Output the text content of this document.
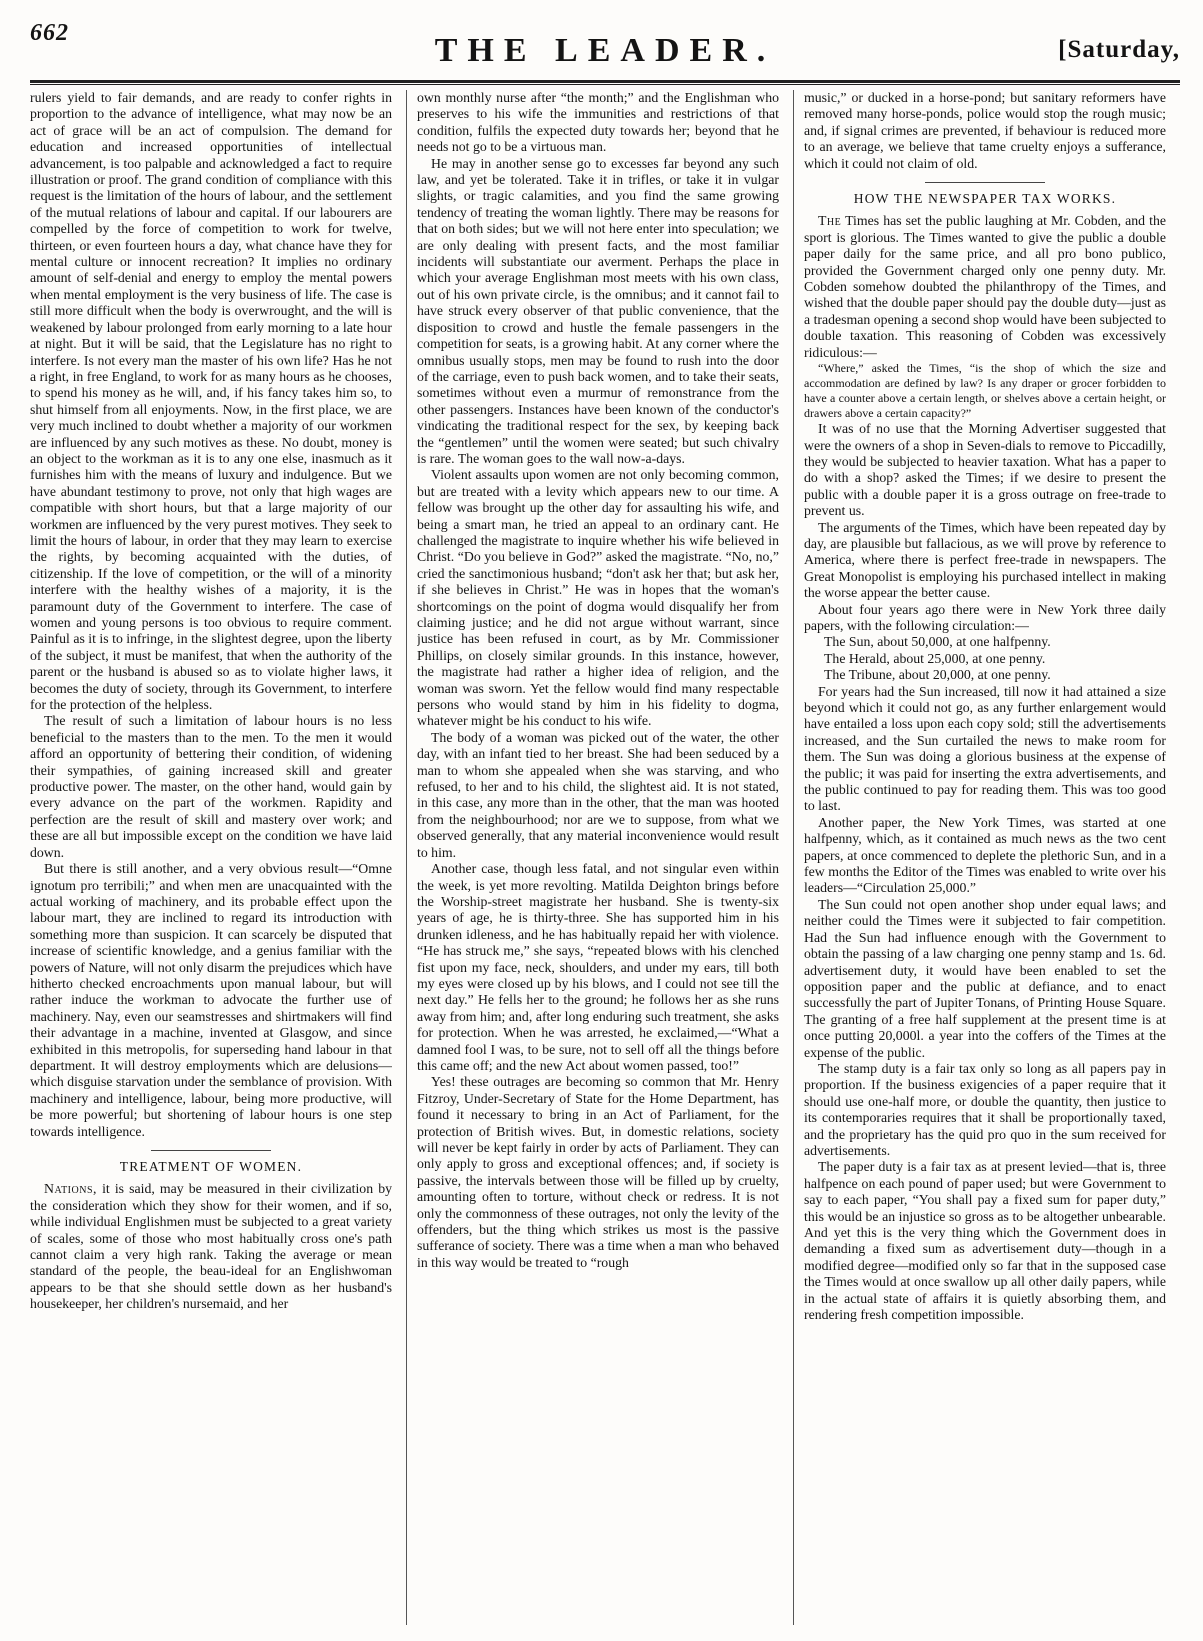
662	THE LEADER.	[Saturday,

rulers yield to fair demands, and are ready to confer rights in proportion to the advance of intelligence, what may now be an act of grace will be an act of compulsion. The demand for education and increased opportunities of intellectual advancement, is too palpable and acknowledged a fact to require illustration or proof. The grand condition of compliance with this request is the limitation of the hours of labour, and the settlement of the mutual relations of labour and capital. If our labourers are compelled by the force of competition to work for twelve, thirteen, or even fourteen hours a day, what chance have they for mental culture or innocent recreation? It implies no ordinary amount of self-denial and energy to employ the mental powers when mental employment is the very business of life. The case is still more difficult when the body is overwrought, and the will is weakened by labour prolonged from early morning to a late hour at night. But it will be said, that the Legislature has no right to interfere. Is not every man the master of his own life? Has he not a right, in free England, to work for as many hours as he chooses, to spend his money as he will, and, if his fancy takes him so, to shut himself from all enjoyments. Now, in the first place, we are very much inclined to doubt whether a majority of our workmen are influenced by any such motives as these. No doubt, money is an object to the workman as it is to any one else, inasmuch as it furnishes him with the means of luxury and indulgence. But we have abundant testimony to prove, not only that high wages are compatible with short hours, but that a large majority of our workmen are influenced by the very purest motives. They seek to limit the hours of labour, in order that they may learn to exercise the rights, by becoming acquainted with the duties, of citizenship. If the love of competition, or the will of a minority interfere with the healthy wishes of a majority, it is the paramount duty of the Government to interfere. The case of women and young persons is too obvious to require comment. Painful as it is to infringe, in the slightest degree, upon the liberty of the subject, it must be manifest, that when the authority of the parent or the husband is abused so as to violate higher laws, it becomes the duty of society, through its Government, to interfere for the protection of the helpless.

The result of such a limitation of labour hours is no less beneficial to the masters than to the men. To the men it would afford an opportunity of bettering their condition, of widening their sympathies, of gaining increased skill and greater productive power. The master, on the other hand, would gain by every advance on the part of the workmen. Rapidity and perfection are the result of skill and mastery over work; and these are all but impossible except on the condition we have laid down.

But there is still another, and a very obvious result—“Omne ignotum pro terribili;” and when men are unacquainted with the actual working of machinery, and its probable effect upon the labour mart, they are inclined to regard its introduction with something more than suspicion. It can scarcely be disputed that increase of scientific knowledge, and a genius familiar with the powers of Nature, will not only disarm the prejudices which have hitherto checked encroachments upon manual labour, but will rather induce the workman to advocate the further use of machinery. Nay, even our seamstresses and shirtmakers will find their advantage in a machine, invented at Glasgow, and since exhibited in this metropolis, for superseding hand labour in that department. It will destroy employments which are delusions—which disguise starvation under the semblance of provision. With machinery and intelligence, labour, being more productive, will be more powerful; but shortening of labour hours is one step towards intelligence.

TREATMENT OF WOMEN.

Nations, it is said, may be measured in their civilization by the consideration which they show for their women, and if so, while individual Englishmen must be subjected to a great variety of scales, some of those who most habitually cross one's path cannot claim a very high rank. Taking the average or mean standard of the people, the beau-ideal for an Englishwoman appears to be that she should settle down as her husband's housekeeper, her children's nursemaid, and her

own monthly nurse after “the month;” and the Englishman who preserves to his wife the immunities and restrictions of that condition, fulfils the expected duty towards her; beyond that he needs not go to be a virtuous man.

He may in another sense go to excesses far beyond any such law, and yet be tolerated. Take it in trifles, or take it in vulgar slights, or tragic calamities, and you find the same growing tendency of treating the woman lightly. There may be reasons for that on both sides; but we will not here enter into speculation; we are only dealing with present facts, and the most familiar incidents will substantiate our averment. Perhaps the place in which your average Englishman most meets with his own class, out of his own private circle, is the omnibus; and it cannot fail to have struck every observer of that public convenience, that the disposition to crowd and hustle the female passengers in the competition for seats, is a growing habit. At any corner where the omnibus usually stops, men may be found to rush into the door of the carriage, even to push back women, and to take their seats, sometimes without even a murmur of remonstrance from the other passengers. Instances have been known of the conductor's vindicating the traditional respect for the sex, by keeping back the “gentlemen” until the women were seated; but such chivalry is rare. The woman goes to the wall now-a-days.

Violent assaults upon women are not only becoming common, but are treated with a levity which appears new to our time. A fellow was brought up the other day for assaulting his wife, and being a smart man, he tried an appeal to an ordinary cant. He challenged the magistrate to inquire whether his wife believed in Christ. “Do you believe in God?” asked the magistrate. “No, no,” cried the sanctimonious husband; “don't ask her that; but ask her, if she believes in Christ.” He was in hopes that the woman's shortcomings on the point of dogma would disqualify her from claiming justice; and he did not argue without warrant, since justice has been refused in court, as by Mr. Commissioner Phillips, on closely similar grounds. In this instance, however, the magistrate had rather a higher idea of religion, and the woman was sworn. Yet the fellow would find many respectable persons who would stand by him in his fidelity to dogma, whatever might be his conduct to his wife.

The body of a woman was picked out of the water, the other day, with an infant tied to her breast. She had been seduced by a man to whom she appealed when she was starving, and who refused, to her and to his child, the slightest aid. It is not stated, in this case, any more than in the other, that the man was hooted from the neighbourhood; nor are we to suppose, from what we observed generally, that any material inconvenience would result to him.

Another case, though less fatal, and not singular even within the week, is yet more revolting. Matilda Deighton brings before the Worship-street magistrate her husband. She is twenty-six years of age, he is thirty-three. She has supported him in his drunken idleness, and he has habitually repaid her with violence. “He has struck me,” she says, “repeated blows with his clenched fist upon my face, neck, shoulders, and under my ears, till both my eyes were closed up by his blows, and I could not see till the next day.” He fells her to the ground; he follows her as she runs away from him; and, after long enduring such treatment, she asks for protection. When he was arrested, he exclaimed,—“What a damned fool I was, to be sure, not to sell off all the things before this came off; and the new Act about women passed, too!”

Yes! these outrages are becoming so common that Mr. Henry Fitzroy, Under-Secretary of State for the Home Department, has found it necessary to bring in an Act of Parliament, for the protection of British wives. But, in domestic relations, society will never be kept fairly in order by acts of Parliament. They can only apply to gross and exceptional offences; and, if society is passive, the intervals between those will be filled up by cruelty, amounting often to torture, without check or redress. It is not only the commonness of these outrages, not only the levity of the offenders, but the thing which strikes us most is the passive sufferance of society. There was a time when a man who behaved in this way would be treated to “rough

music,” or ducked in a horse-pond; but sanitary reformers have removed many horse-ponds, police would stop the rough music; and, if signal crimes are prevented, if behaviour is reduced more to an average, we believe that tame cruelty enjoys a sufferance, which it could not claim of old.

HOW THE NEWSPAPER TAX WORKS.

The Times has set the public laughing at Mr. Cobden, and the sport is glorious. The Times wanted to give the public a double paper daily for the same price, and all pro bono publico, provided the Government charged only one penny duty. Mr. Cobden somehow doubted the philanthropy of the Times, and wished that the double paper should pay the double duty—just as a tradesman opening a second shop would have been subjected to double taxation. This reasoning of Cobden was excessively ridiculous:—

“Where,” asked the Times, “is the shop of which the size and accommodation are defined by law? Is any draper or grocer forbidden to have a counter above a certain length, or shelves above a certain height, or drawers above a certain capacity?”

It was of no use that the Morning Advertiser suggested that were the owners of a shop in Seven-dials to remove to Piccadilly, they would be subjected to heavier taxation. What has a paper to do with a shop? asked the Times; if we desire to present the public with a double paper it is a gross outrage on free-trade to prevent us.

The arguments of the Times, which have been repeated day by day, are plausible but fallacious, as we will prove by reference to America, where there is perfect free-trade in newspapers. The Great Monopolist is employing his purchased intellect in making the worse appear the better cause.

About four years ago there were in New York three daily papers, with the following circulation:—

The Sun, about 50,000, at one halfpenny.
The Herald, about 25,000, at one penny.
The Tribune, about 20,000, at one penny.

For years had the Sun increased, till now it had attained a size beyond which it could not go, as any further enlargement would have entailed a loss upon each copy sold; still the advertisements increased, and the Sun curtailed the news to make room for them. The Sun was doing a glorious business at the expense of the public; it was paid for inserting the extra advertisements, and the public continued to pay for reading them. This was too good to last.

Another paper, the New York Times, was started at one halfpenny, which, as it contained as much news as the two cent papers, at once commenced to deplete the plethoric Sun, and in a few months the Editor of the Times was enabled to write over his leaders—“Circulation 25,000.”

The Sun could not open another shop under equal laws; and neither could the Times were it subjected to fair competition. Had the Sun had influence enough with the Government to obtain the passing of a law charging one penny stamp and 1s. 6d. advertisement duty, it would have been enabled to set the opposition paper and the public at defiance, and to enact successfully the part of Jupiter Tonans, of Printing House Square. The granting of a free half supplement at the present time is at once putting 20,000l. a year into the coffers of the Times at the expense of the public.

The stamp duty is a fair tax only so long as all papers pay in proportion. If the business exigencies of a paper require that it should use one-half more, or double the quantity, then justice to its contemporaries requires that it shall be proportionally taxed, and the proprietary has the quid pro quo in the sum received for advertisements.

The paper duty is a fair tax as at present levied—that is, three halfpence on each pound of paper used; but were Government to say to each paper, “You shall pay a fixed sum for paper duty,” this would be an injustice so gross as to be altogether unbearable. And yet this is the very thing which the Government does in demanding a fixed sum as advertisement duty—though in a modified degree—modified only so far that in the supposed case the Times would at once swallow up all other daily papers, while in the actual state of affairs it is quietly absorbing them, and rendering fresh competition impossible.
